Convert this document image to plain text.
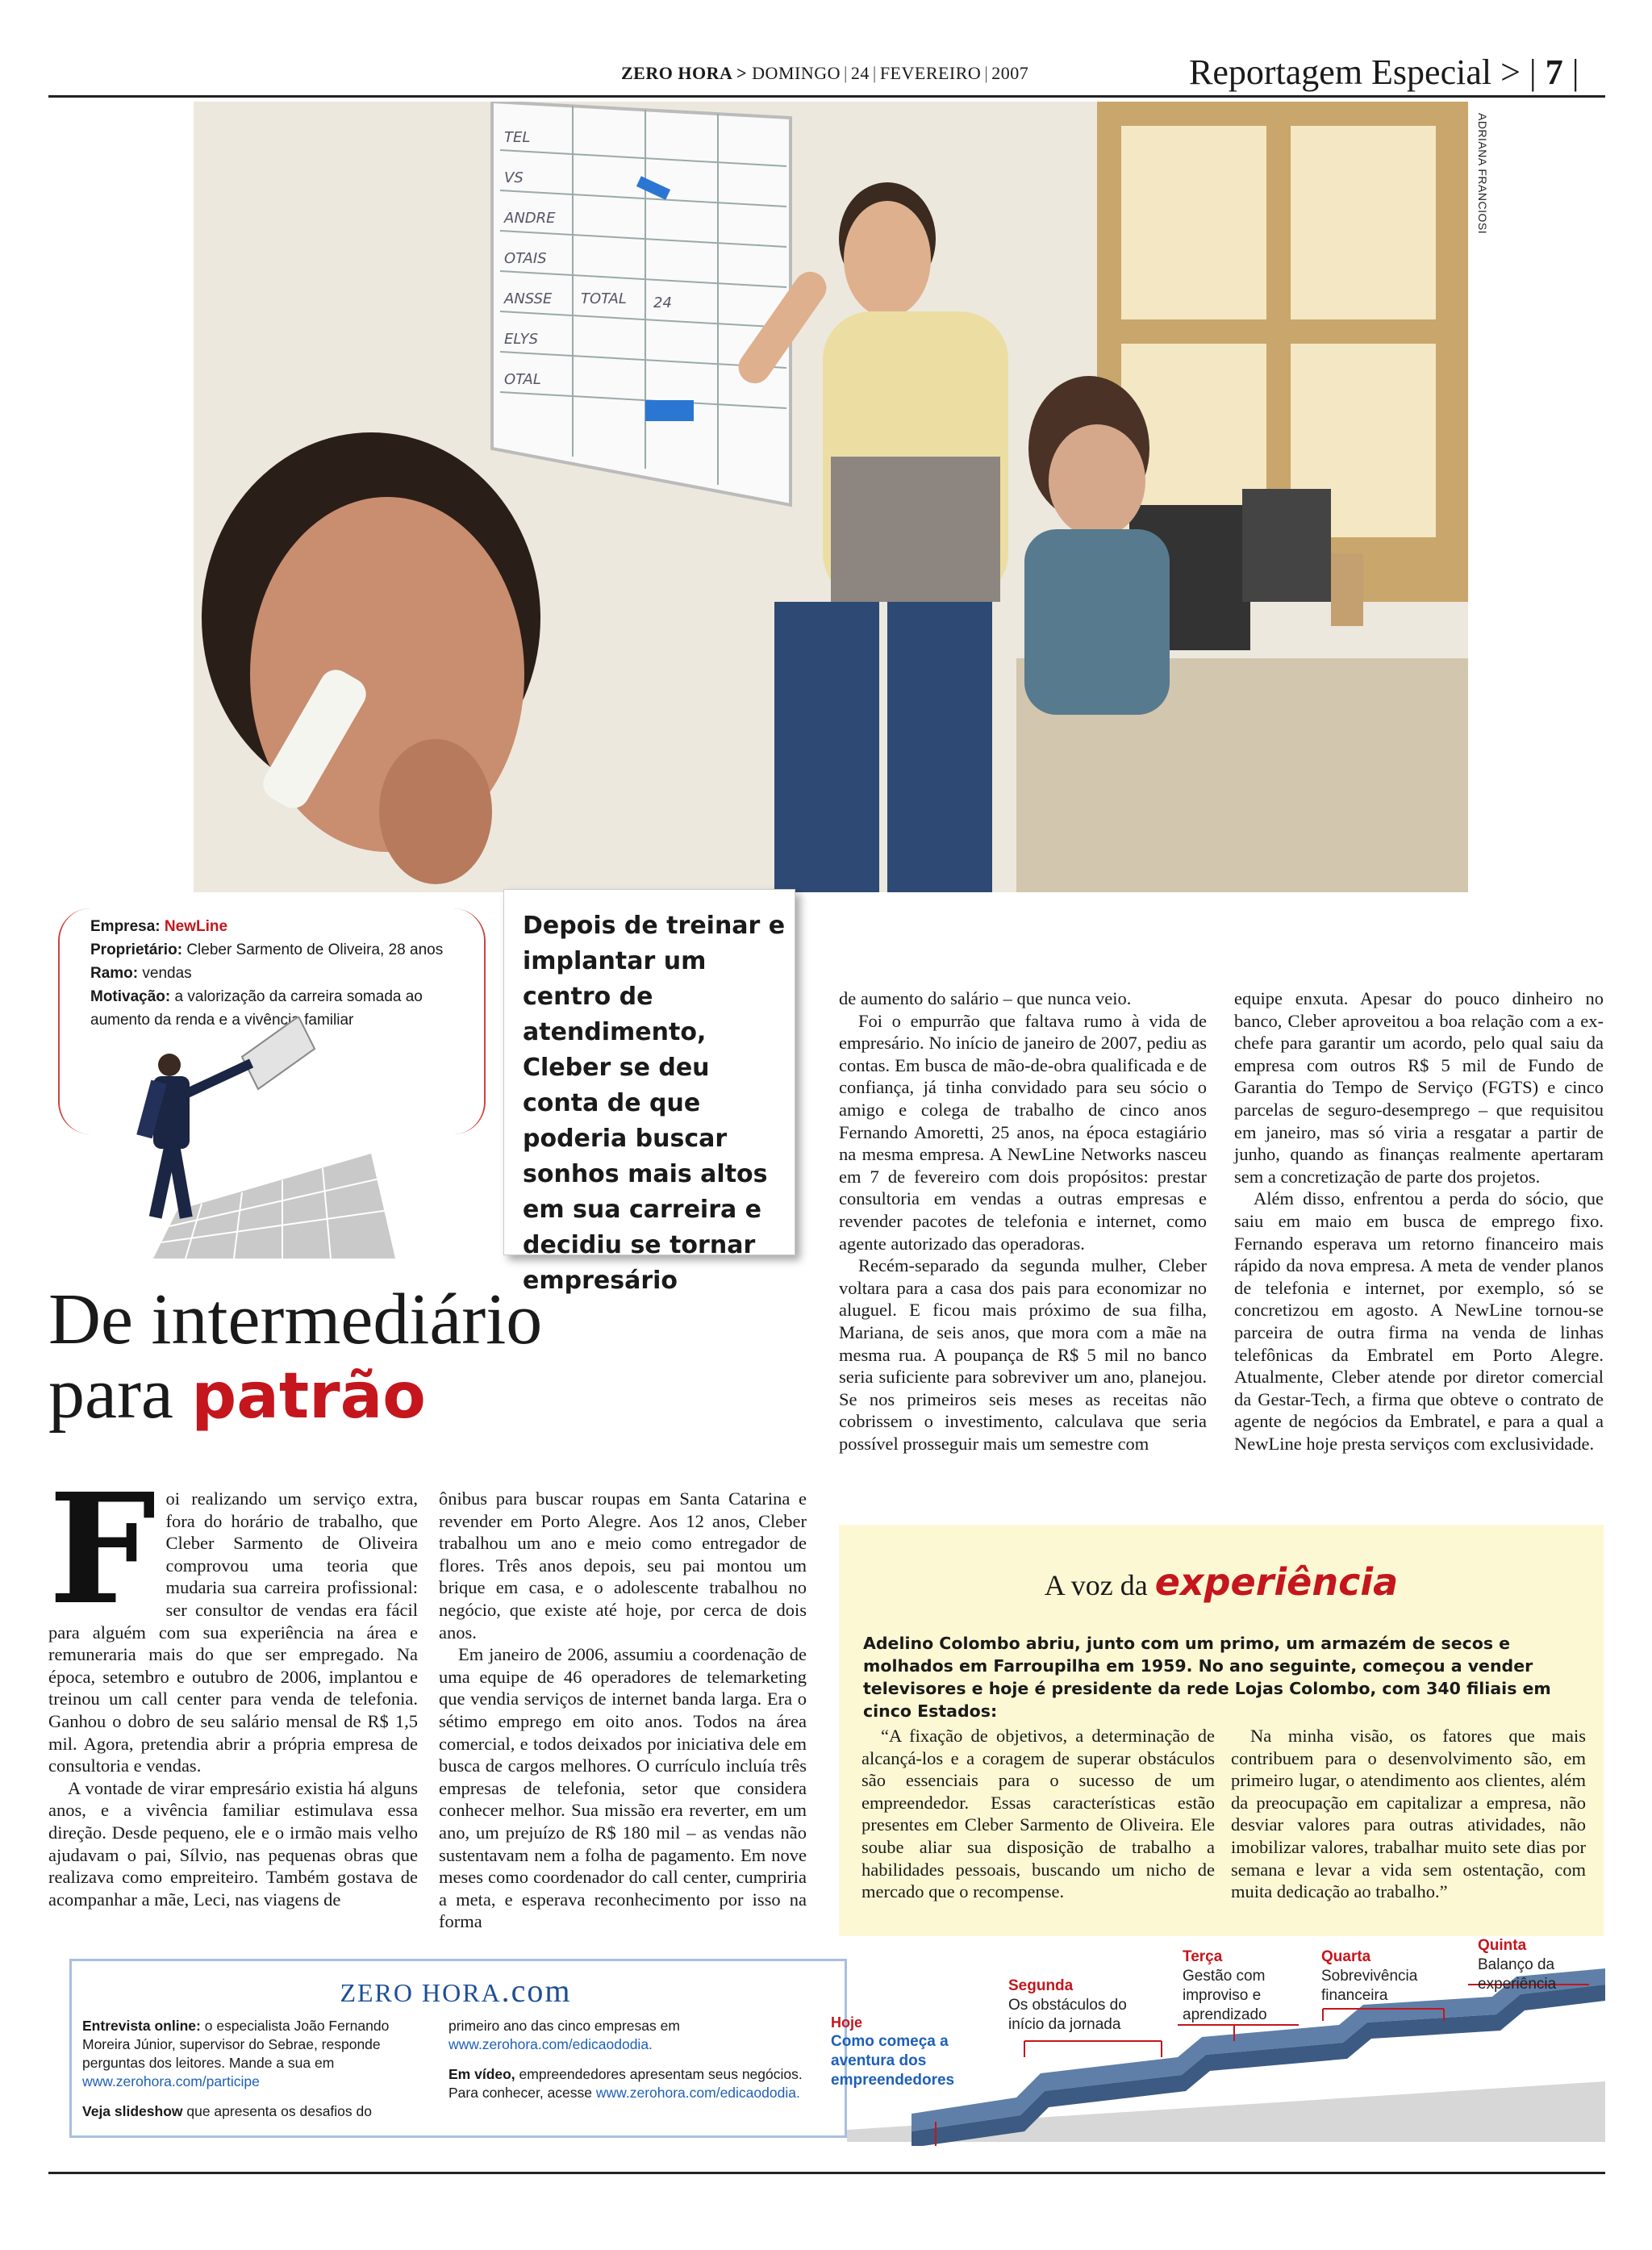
ZERO HORA > DOMINGO | 24 | FEVEREIRO | 2007	Reportagem Especial > | 7 |
TEL
VS
ANDRE
OTAIS
ANSSE
ELYS
OTAL
TOTAL 24
ADRIANA FRANCIOSI
Empresa: NewLine
Proprietário: Cleber Sarmento de Oliveira, 28 anos
Ramo: vendas
Motivação: a valorização da carreira somada ao aumento da renda e a vivência familiar
Depois de treinar e implantar um centro de atendimento, Cleber se deu conta de que poderia buscar sonhos mais altos em sua carreira e decidiu se tornar empresário
De intermediário
para patrão
F oi realizando um serviço extra, fora do horário de trabalho, que Cleber Sarmento de Oliveira comprovou uma teoria que mudaria sua carreira profissional: ser consultor de vendas era fácil para alguém com sua experiência na área e remuneraria mais do que ser empregado. Na época, setembro e outubro de 2006, implantou e treinou um call center para venda de telefonia. Ganhou o dobro de seu salário mensal de R$ 1,5 mil. Agora, pretendia abrir a própria empresa de consultoria e vendas.

A vontade de virar empresário existia há alguns anos, e a vivência familiar estimulava essa direção. Desde pequeno, ele e o irmão mais velho ajudavam o pai, Sílvio, nas pequenas obras que realizava como empreiteiro. Também gostava de acompanhar a mãe, Leci, nas viagens de

ônibus para buscar roupas em Santa Catarina e revender em Porto Alegre. Aos 12 anos, Cleber trabalhou um ano e meio como entregador de flores. Três anos depois, seu pai montou um brique em casa, e o adolescente trabalhou no negócio, que existe até hoje, por cerca de dois anos.

Em janeiro de 2006, assumiu a coordenação de uma equipe de 46 operadores de telemarketing que vendia serviços de internet banda larga. Era o sétimo emprego em oito anos. Todos na área comercial, e todos deixados por iniciativa dele em busca de cargos melhores. O currículo incluía três empresas de telefonia, setor que considera conhecer melhor. Sua missão era reverter, em um ano, um prejuízo de R$ 180 mil – as vendas não sustentavam nem a folha de pagamento. Em nove meses como coordenador do call center, cumpriria a meta, e esperava reconhecimento por isso na forma

de aumento do salário – que nunca veio.

Foi o empurrão que faltava rumo à vida de empresário. No início de janeiro de 2007, pediu as contas. Em busca de mão-de-obra qualificada e de confiança, já tinha convidado para seu sócio o amigo e colega de trabalho de cinco anos Fernando Amoretti, 25 anos, na época estagiário na mesma empresa. A NewLine Networks nascеu em 7 de fevereiro com dois propósitos: prestar consultoria em vendas a outras empresas e revender pacotes de telefonia e internet, como agente autorizado das operadoras.

Recém-separado da segunda mulher, Cleber voltara para a casa dos pais para economizar no aluguel. E ficou mais próximo de sua filha, Mariana, de seis anos, que mora com a mãe na mesma rua. A poupança de R$ 5 mil no banco seria suficiente para sobreviver um ano, planejou. Se nos primeiros seis meses as receitas não cobrissem o investimento, calculava que seria possível prosseguir mais um semestre com

equipe enxuta. Apesar do pouco dinheiro no banco, Cleber aproveitou a boa relação com a ex-chefe para garantir um acordo, pelo qual saiu da empresa com outros R$ 5 mil de Fundo de Garantia do Tempo de Serviço (FGTS) e cinco parcelas de seguro-desemprego – que requisitou em janeiro, mas só viria a resgatar a partir de junho, quando as finanças realmente apertaram sem a concretização de parte dos projetos.

Além disso, enfrentou a perda do sócio, que saiu em maio em busca de emprego fixo. Fernando esperava um retorno financeiro mais rápido da nova empresa. A meta de vender planos de telefonia e internet, por exemplo, só se concretizou em agosto. A NewLine tornou-se parceira de outra firma na venda de linhas telefônicas da Embratel em Porto Alegre. Atualmente, Cleber atende por diretor comercial da Gestar-Tech, a firma que obteve o contrato de agente de negócios da Embratel, e para a qual a NewLine hoje presta serviços com exclusividade.

A voz da experiência
Adelino Colombo abriu, junto com um primo, um armazém de secos e molhados em Farroupilha em 1959. No ano seguinte, começou a vender televisores e hoje é presidente da rede Lojas Colombo, com 340 filiais em cinco Estados:

“A fixação de objetivos, a determinação de alcançá-los e a coragem de superar obstáculos são essenciais para o sucesso de um empreendedor. Essas características estão presentes em Cleber Sarmento de Oliveira. Ele soube aliar sua disposição de trabalho a habilidades pessoais, buscando um nicho de mercado que o recompense.

Na minha visão, os fatores que mais contribuem para o desenvolvimento são, em primeiro lugar, o atendimento aos clientes, além da preocupação em capitalizar a empresa, não desviar valores para outras atividades, não imobilizar valores, trabalhar muito sete dias por semana e levar a vida sem ostentação, com muita dedicação ao trabalho.”

ZERO HORA.com

Entrevista online: o especialista João Fernando Moreira Júnior, supervisor do Sebrae, responde perguntas dos leitores. Mande a sua em www.zerohora.com/participe

Veja slideshow que apresenta os desafios do

primeiro ano das cinco empresas em www.zerohora.com/edicaododia.

Em vídeo, empreendedores apresentam seus negócios. Para conhecer, acesse www.zerohora.com/edicaododia.

Hoje
Como começa a aventura dos empreendedores
Segunda
Os obstáculos do início da jornada
Terça
Gestão com improviso e aprendizado
Quarta
Sobrevivência financeira
Quinta
Balanço da experiência
